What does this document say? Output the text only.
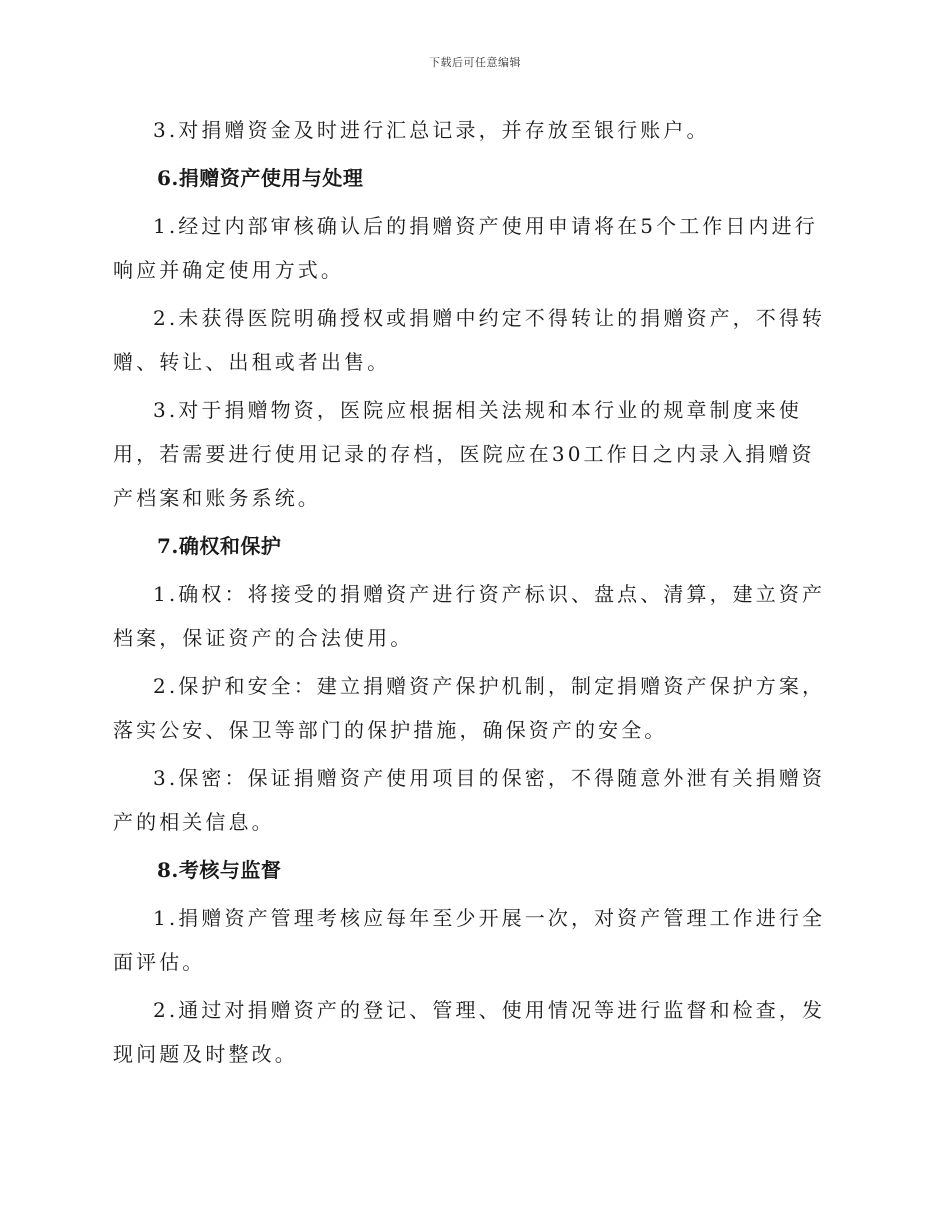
下载后可任意编辑

3.对捐赠资金及时进行汇总记录，并存放至银行账户。

6.捐赠资产使用与处理

1.经过内部审核确认后的捐赠资产使用申请将在5个工作日内进行响应并确定使用方式。

2.未获得医院明确授权或捐赠中约定不得转让的捐赠资产，不得转赠、转让、出租或者出售。

3.对于捐赠物资，医院应根据相关法规和本行业的规章制度来使用，若需要进行使用记录的存档，医院应在30工作日之内录入捐赠资产档案和账务系统。

7.确权和保护

1.确权：将接受的捐赠资产进行资产标识、盘点、清算，建立资产档案，保证资产的合法使用。

2.保护和安全：建立捐赠资产保护机制，制定捐赠资产保护方案，落实公安、保卫等部门的保护措施，确保资产的安全。

3.保密：保证捐赠资产使用项目的保密，不得随意外泄有关捐赠资产的相关信息。

8.考核与监督

1.捐赠资产管理考核应每年至少开展一次，对资产管理工作进行全面评估。

2.通过对捐赠资产的登记、管理、使用情况等进行监督和检查，发现问题及时整改。
